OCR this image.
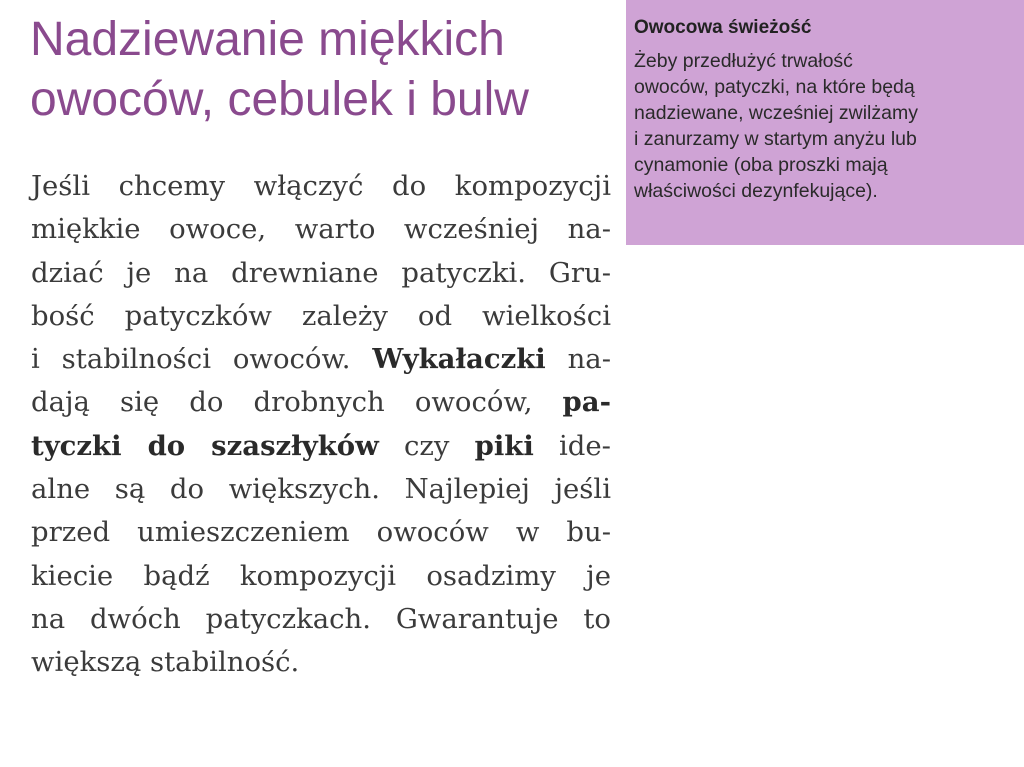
Nadziewanie miękkich
owoców, cebulek i bulw
Jeśli chcemy włączyć do kompozycji
miękkie owoce, warto wcześniej na-
dziać je na drewniane patyczki. Gru-
bość patyczków zależy od wielkości
i stabilności owoców. Wykałaczki na-
dają się do drobnych owoców, pa-
tyczki do szaszłyków czy piki ide-
alne są do większych. Najlepiej jeśli
przed umieszczeniem owoców w bu-
kiecie bądź kompozycji osadzimy je
na dwóch patyczkach. Gwarantuje to
większą stabilność.
Owocowa świeżość
Żeby przedłużyć trwałość
owoców, patyczki, na które będą
nadziewane, wcześniej zwilżamy
i zanurzamy w startym anyżu lub
cynamonie (oba proszki mają
właściwości dezynfekujące).
